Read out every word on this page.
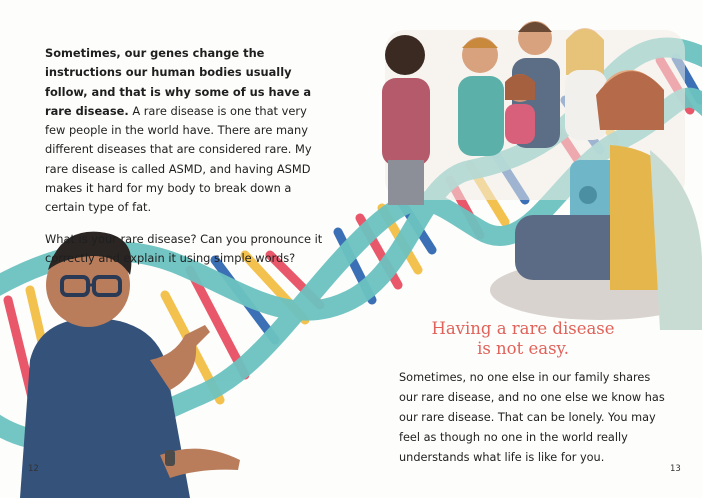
Sometimes, our genes change the instructions our human bodies usually follow, and that is why some of us have a rare disease. A rare disease is one that very few people in the world have. There are many different diseases that are considered rare. My rare disease is called ASMD, and having ASMD makes it hard for my body to break down a certain type of fat.

What is your rare disease? Can you pronounce it correctly and explain it using simple words?

Having a rare disease
is not easy.
Sometimes, no one else in our family shares our rare disease, and no one else we know has our rare disease. That can be lonely. You may feel as though no one in the world really understands what life is like for you.
12	13
